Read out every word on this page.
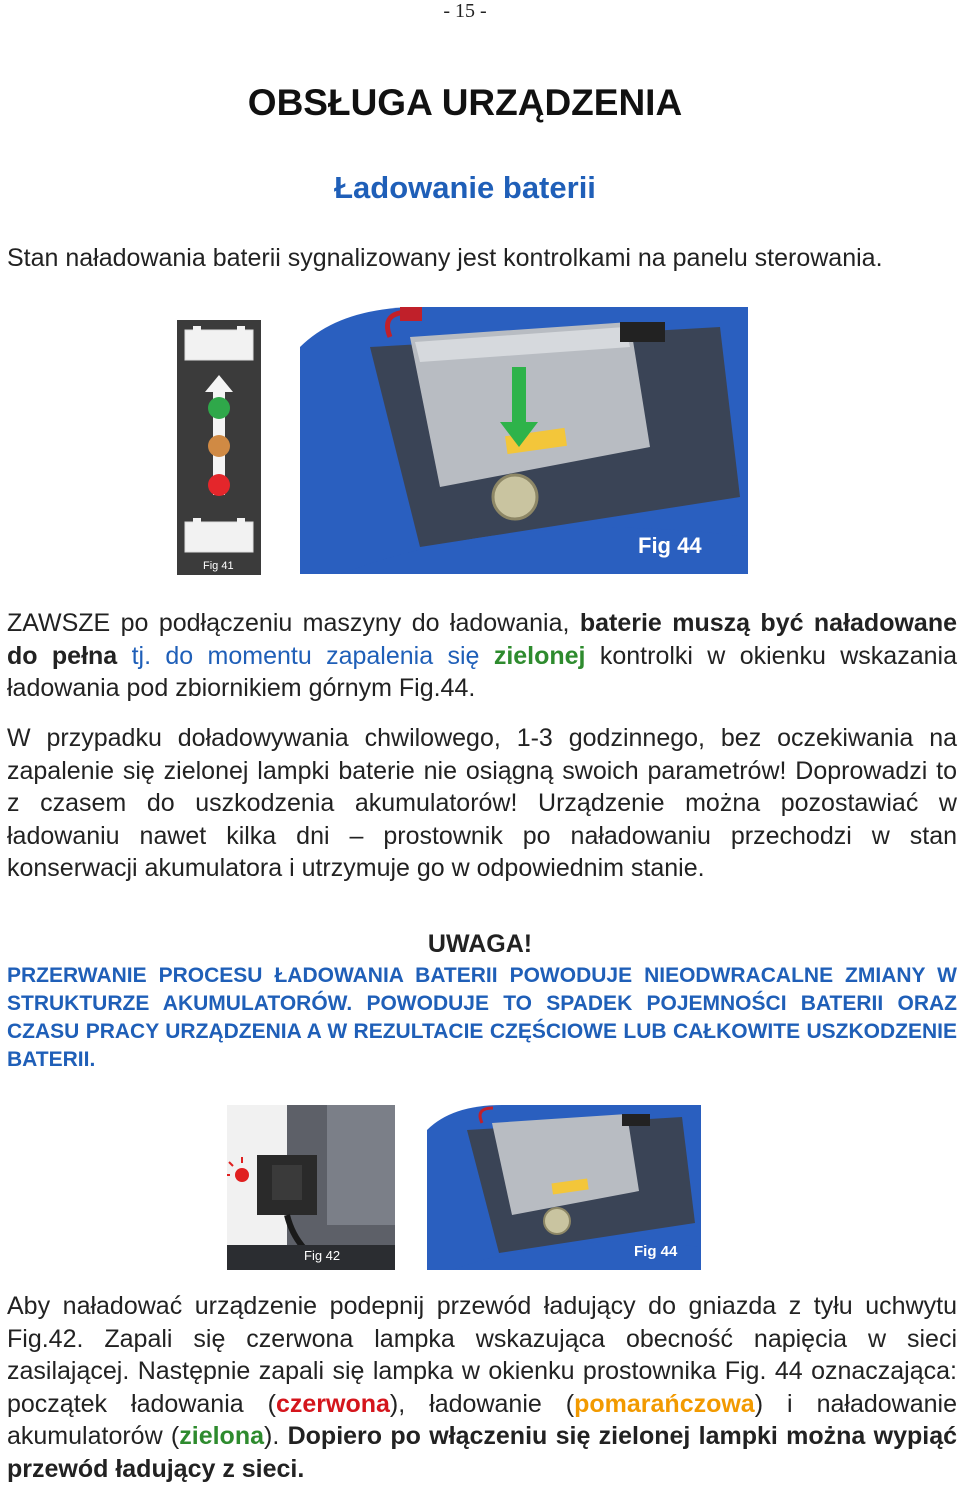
- 15 -
OBSŁUGA URZĄDZENIA
Ładowanie baterii
Stan naładowania baterii sygnalizowany jest kontrolkami na panelu sterowania.
Fig 41
Fig 44
ZAWSZE po podłączeniu maszyny do ładowania, baterie muszą być naładowane do pełna tj. do momentu zapalenia się zielonej kontrolki w okienku wskazania ładowania pod zbiornikiem górnym Fig.44.
W przypadku doładowywania chwilowego, 1-3 godzinnego, bez oczekiwania na zapalenie się zielonej lampki baterie nie osiągną swoich parametrów! Doprowadzi to z czasem do uszkodzenia akumulatorów! Urządzenie można pozostawiać w ładowaniu nawet kilka dni – prostownik po naładowaniu przechodzi w stan konserwacji akumulatora i utrzymuje go w odpowiednim stanie.
UWAGA!
PRZERWANIE PROCESU ŁADOWANIA BATERII POWODUJE NIEODWRACALNE ZMIANY W STRUKTURZE AKUMULATORÓW. POWODUJE TO SPADEK POJEMNOŚCI BATERII ORAZ CZASU PRACY URZĄDZENIA A W REZULTACIE CZĘŚCIOWE LUB CAŁKOWITE USZKODZENIE BATERII.
Fig 42	Fig 44
Aby naładować urządzenie podepnij przewód ładujący do gniazda z tyłu uchwytu Fig.42. Zapali się czerwona lampka wskazująca obecność napięcia w sieci zasilającej. Następnie zapali się lampka w okienku prostownika Fig. 44 oznaczająca: początek ładowania (czerwona), ładowanie (pomarańczowa) i naładowanie akumulatorów (zielona). Dopiero po włączeniu się zielonej lampki można wypiąć przewód ładujący z sieci.
